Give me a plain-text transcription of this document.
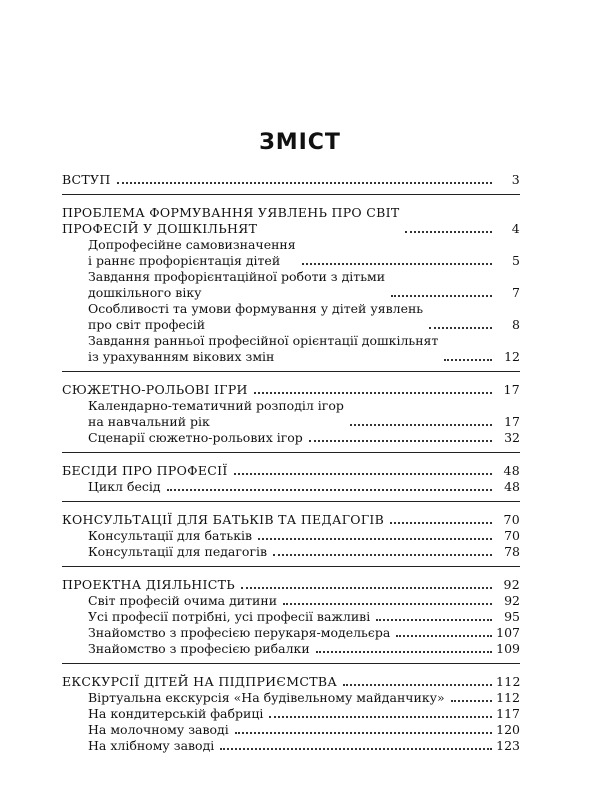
ЗМІСТ
ВСТУП	3
ПРОБЛЕМА ФОРМУВАННЯ УЯВЛЕНЬ ПРО СВІТ
ПРОФЕСІЙ У ДОШКІЛЬНЯТ	4
Допрофесійне самовизначення
і раннє профорієнтація дітей	5
Завдання профорієнтаційної роботи з дітьми
дошкільного віку	7
Особливості та умови формування у дітей уявлень
про світ професій	8
Завдання ранньої професійної орієнтації дошкільнят
із урахуванням вікових змін	12
СЮЖЕТНО-РОЛЬОВІ ІГРИ	17
Календарно-тематичний розподіл ігор
на навчальний рік	17
Сценарії сюжетно-рольових ігор	32
БЕСІДИ ПРО ПРОФЕСІЇ	48
Цикл бесід	48
КОНСУЛЬТАЦІЇ ДЛЯ БАТЬКІВ ТА ПЕДАГОГІВ	70
Консультації для батьків	70
Консультації для педагогів	78
ПРОЕКТНА ДІЯЛЬНІСТЬ	92
Світ професій очима дитини	92
Усі професії потрібні, усі професії важливі	95
Знайомство з професією перукаря-модельєра	107
Знайомство з професією рибалки	109
ЕКСКУРСІЇ ДІТЕЙ НА ПІДПРИЄМСТВА	112
Віртуальна екскурсія «На будівельному майданчику»	112
На кондитерській фабриці	117
На молочному заводі	120
На хлібному заводі	123
